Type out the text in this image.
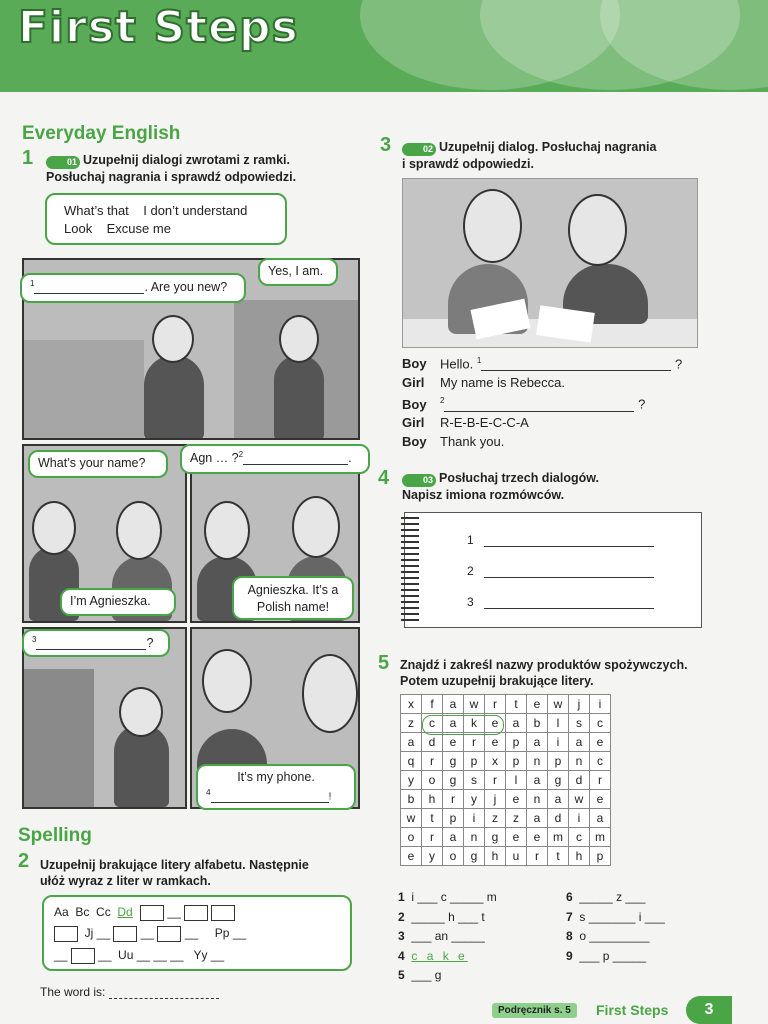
First Steps
Everyday English
1	01 Uzupełnij dialogi zwrotami z ramki.
Posłuchaj nagrania i sprawdź odpowiedzi.
What’s that    I don’t understand
Look    Excuse me
$^1$	. Are you new?
Yes, I am.
What’s your name?
I’m Agnieszka.
Agn … ?$^2$	.
Agnieszka. It’s a Polish name!
$^3$	?
It’s my phone.
$^4$	!
Spelling
2 Uzupełnij brakujące litery alfabetu. Następnie
ułóż wyraz z liter w ramkach.
Aa Bc Cc Dd	__
Jj __  __  __     Pp __
__  __  Uu __ __ __   Yy __
The word is:
3	02 Uzupełnij dialog. Posłuchaj nagrania
i sprawdź odpowiedzi.
Boy Hello. $^1$	?
Girl My name is Rebecca.
Boy $^2$	?
Girl R-E-B-E-C-C-A
Boy Thank you.
4	03 Posłuchaj trzech dialogów.
Napisz imiona rozmówców.
1
2
3
5 Znajdź i zakreśl nazwy produktów spożywczych.
Potem uzupełnij brakujące litery.
x	f	a	w	r	t	e	w	j	i
z	c	a	k	e	a	b	l	s	c
a	d	e	r	e	p	a	i	a	e
q	r	g	p	x	p	n	p	n	c
y	o	g	s	r	l	a	g	d	r
b	h	r	y	j	e	n	a	w	e
w	t	p	i	z	z	a	d	i	a
o	r	a	n	g	e	e	m	c	m
e	y	o	g	h	u	r	t	h	p
1 i ___ c _____ m
2 _____ h ___ t
3 ___ an _____
4 c a k e
5 ___ g
6 _____ z ___
7 s _______ i ___
8 o _________
9 ___ p _____
Podręcznik s. 5	First Steps	3
